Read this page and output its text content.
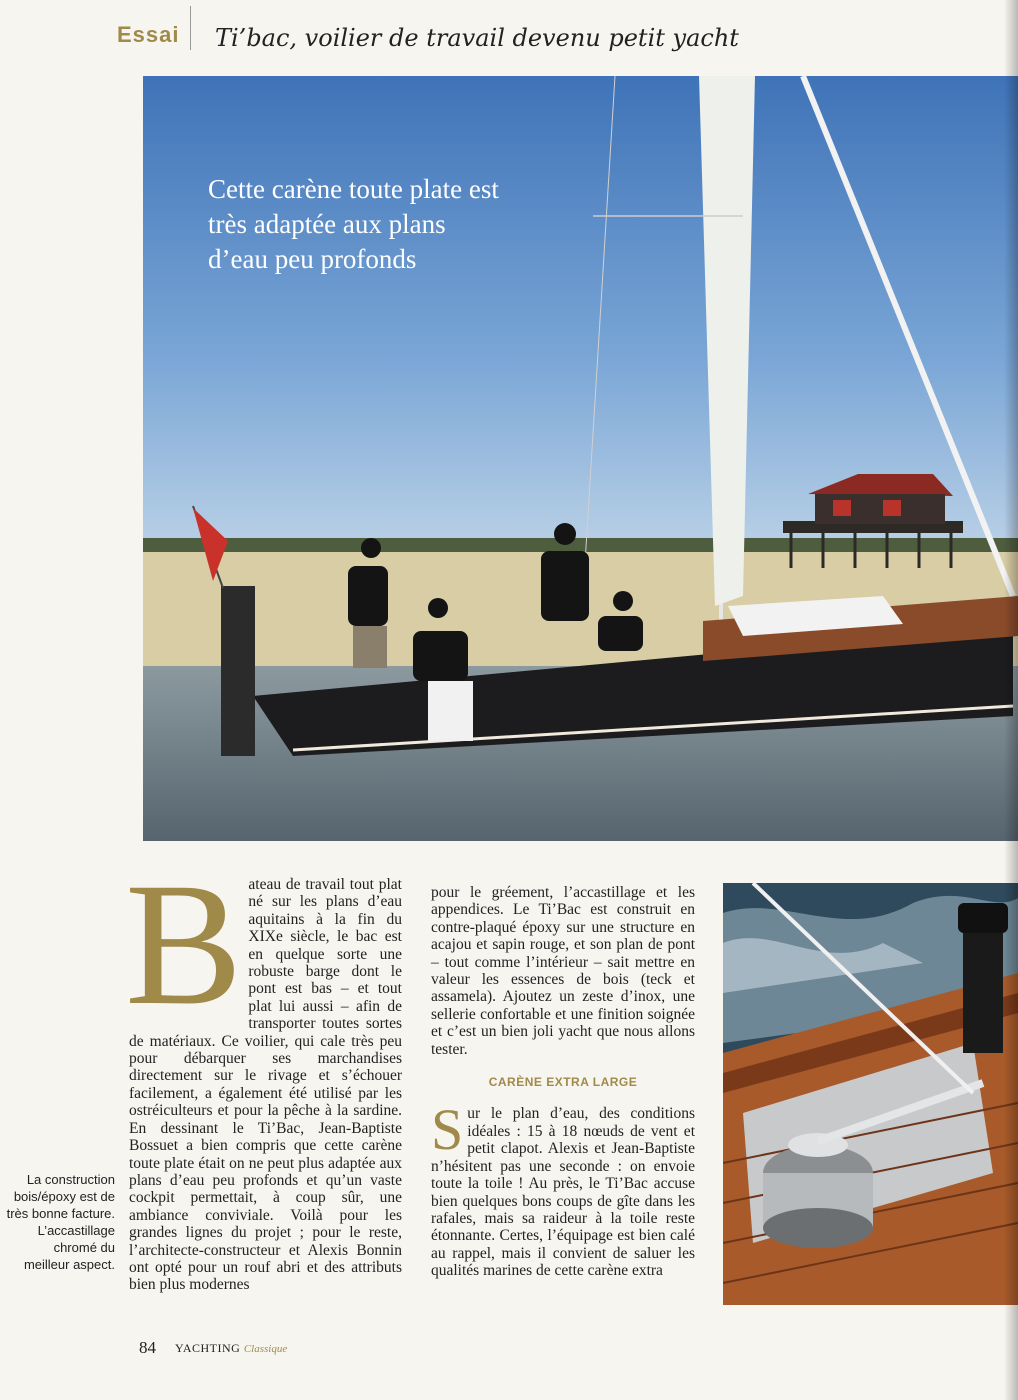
Essai Ti’bac, voilier de travail devenu petit yacht
Cette carène toute plate est très adaptée aux plans d’eau peu profonds
B ateau de travail tout plat né sur les plans d’eau aquitains à la fin du XIXe siècle, le bac est en quelque sorte une robuste barge dont le pont est bas – et tout plat lui aussi – afin de transporter toutes sortes de matériaux. Ce voilier, qui cale très peu pour débarquer ses marchandises directement sur le rivage et s’échouer facilement, a également été utilisé par les ostréiculteurs et pour la pêche à la sardine. En dessinant le Ti’Bac, Jean-Baptiste Bossuet a bien compris que cette carène toute plate était on ne peut plus adaptée aux plans d’eau peu profonds et qu’un vaste cockpit permettait, à coup sûr, une ambiance conviviale. Voilà pour les grandes lignes du projet ; pour le reste, l’architecte-constructeur et Alexis Bonnin ont opté pour un rouf abri et des attributs bien plus modernes
pour le gréement, l’accastillage et les appendices. Le Ti’Bac est construit en contre-plaqué époxy sur une structure en acajou et sapin rouge, et son plan de pont – tout comme l’intérieur – sait mettre en valeur les essences de bois (teck et assamela). Ajoutez un zeste d’inox, une sellerie confortable et une finition soignée et c’est un bien joli yacht que nous allons tester.
CARÈNE EXTRA LARGE
S ur le plan d’eau, des conditions idéales : 15 à 18 nœuds de vent et petit clapot. Alexis et Jean-Baptiste n’hésitent pas une seconde : on envoie toute la toile ! Au près, le Ti’Bac accuse bien quelques bons coups de gîte dans les rafales, mais sa raideur à la toile reste étonnante. Certes, l’équipage est bien calé au rappel, mais il convient de saluer les qualités marines de cette carène extra
La construction bois/époxy est de très bonne facture. L’accastillage chromé du meilleur aspect.
84 YACHTING Classique
